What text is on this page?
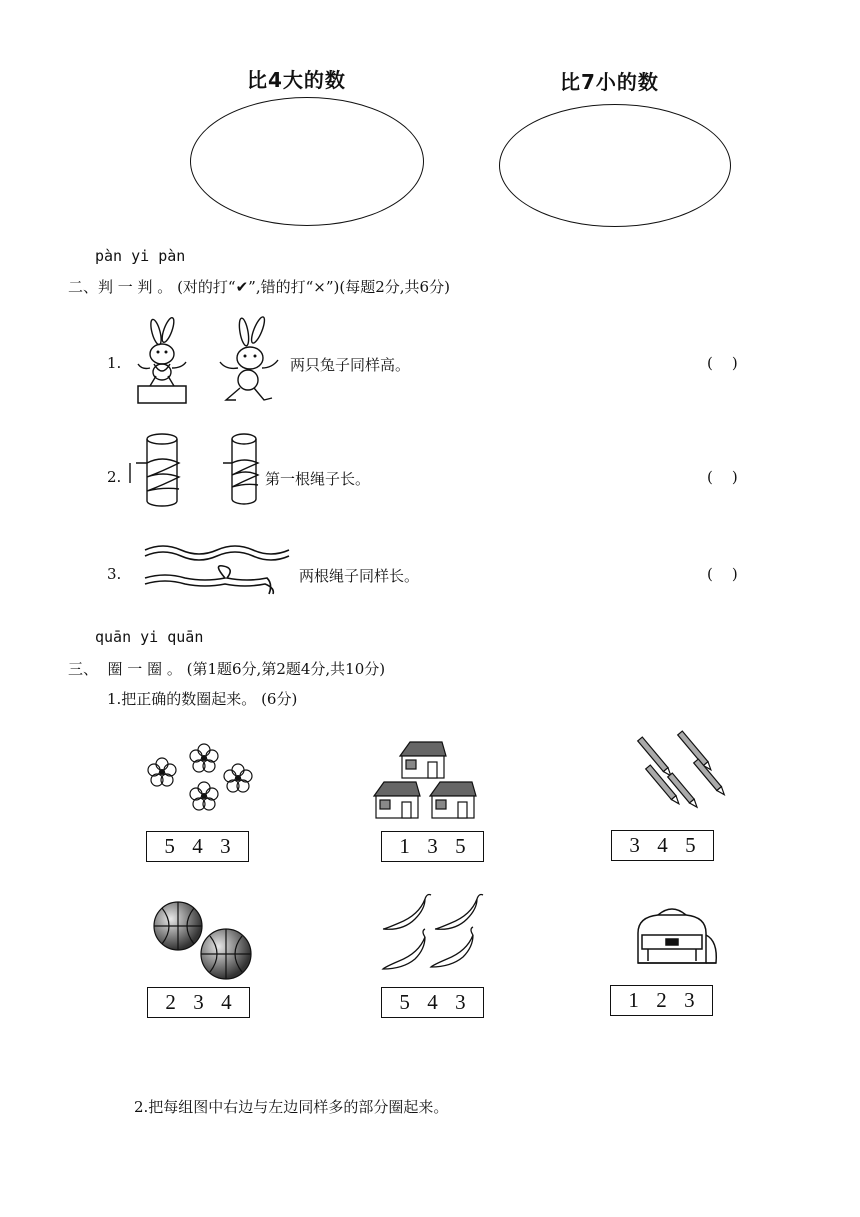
比4大的数	比7小的数
pàn yi pàn
二、判 一 判 。 (对的打“✔”,错的打“×”)(每题2分,共6分)
1.	两只兔子同样高。	(    )
2.	第一根绳子长。	(    )
3.	两根绳子同样长。	(    )
quān yi quān
三、  圈 一 圈 。 (第1题6分,第2题4分,共10分)
1.把正确的数圈起来。 (6分)
5 4 3	1 3 5	3 4 5
2 3 4	5 4 3	1 2 3
2.把每组图中右边与左边同样多的部分圈起来。
